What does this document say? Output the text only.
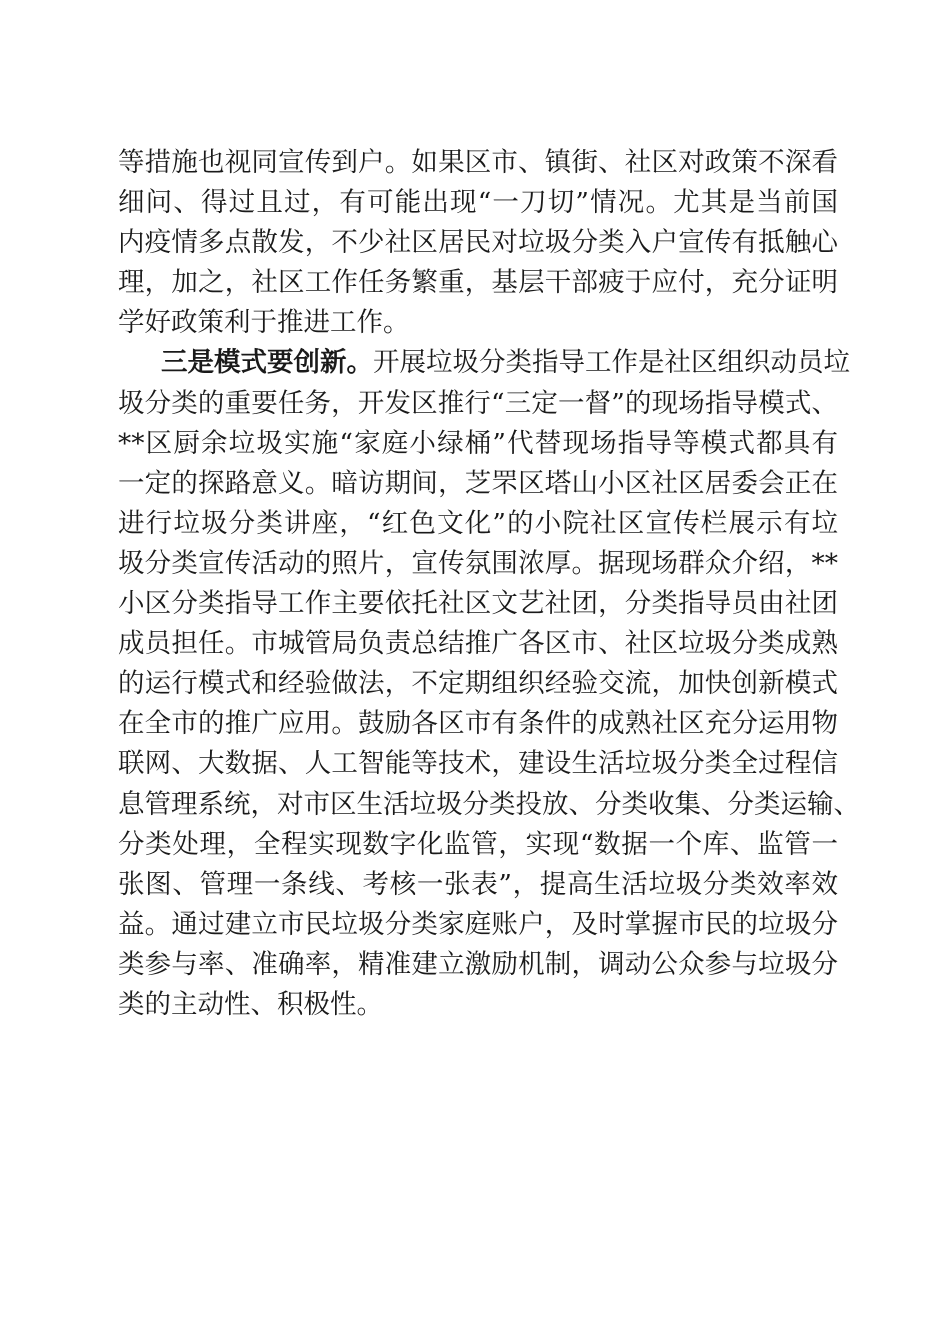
等措施也视同宣传到户。如果区市、镇街、社区对政策不深看
细问、得过且过，有可能出现“一刀切”情况。尤其是当前国
内疫情多点散发，不少社区居民对垃圾分类入户宣传有抵触心
理，加之，社区工作任务繁重，基层干部疲于应付，充分证明
学好政策利于推进工作。
三是模式要创新。开展垃圾分类指导工作是社区组织动员垃
圾分类的重要任务，开发区推行“三定一督”的现场指导模式、
**区厨余垃圾实施“家庭小绿桶”代替现场指导等模式都具有
一定的探路意义。暗访期间，芝罘区塔山小区社区居委会正在
进行垃圾分类讲座，“红色文化”的小院社区宣传栏展示有垃
圾分类宣传活动的照片，宣传氛围浓厚。据现场群众介绍，**
小区分类指导工作主要依托社区文艺社团，分类指导员由社团
成员担任。市城管局负责总结推广各区市、社区垃圾分类成熟
的运行模式和经验做法，不定期组织经验交流，加快创新模式
在全市的推广应用。鼓励各区市有条件的成熟社区充分运用物
联网、大数据、人工智能等技术，建设生活垃圾分类全过程信
息管理系统，对市区生活垃圾分类投放、分类收集、分类运输、
分类处理，全程实现数字化监管，实现“数据一个库、监管一
张图、管理一条线、考核一张表”，提高生活垃圾分类效率效
益。通过建立市民垃圾分类家庭账户，及时掌握市民的垃圾分
类参与率、准确率，精准建立激励机制，调动公众参与垃圾分
类的主动性、积极性。
